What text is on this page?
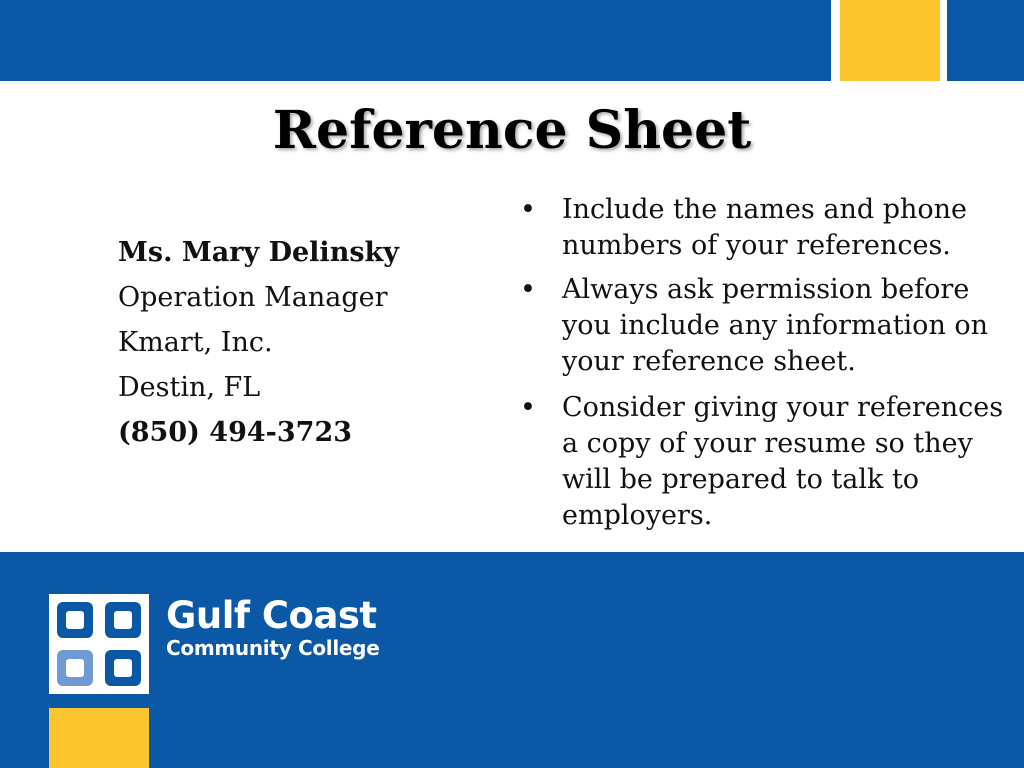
Reference Sheet
Ms. Mary Delinsky
Operation Manager
Kmart, Inc.
Destin, FL
(850) 494-3723
• Include the names and phone numbers of your references.
• Always ask permission before you include any information on your reference sheet.
• Consider giving your references a copy of your resume so they will be prepared to talk to employers.
Gulf Coast
Community College
